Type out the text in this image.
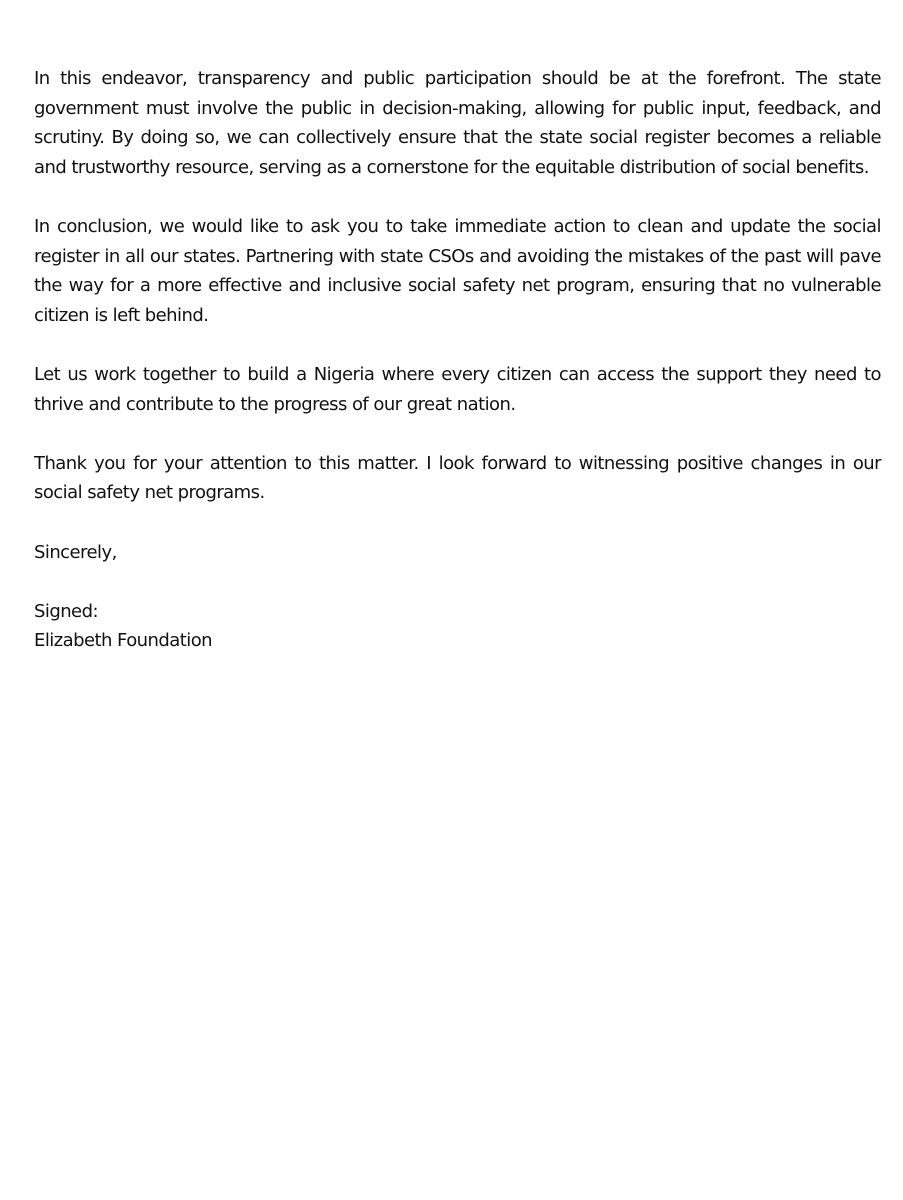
In this endeavor, transparency and public participation should be at the forefront. The state government must involve the public in decision-making, allowing for public input, feedback, and scrutiny. By doing so, we can collectively ensure that the state social register becomes a reliable and trustworthy resource, serving as a cornerstone for the equitable distribution of social benefits.

In conclusion, we would like to ask you to take immediate action to clean and update the social register in all our states. Partnering with state CSOs and avoiding the mistakes of the past will pave the way for a more effective and inclusive social safety net program, ensuring that no vulnerable citizen is left behind.

Let us work together to build a Nigeria where every citizen can access the support they need to thrive and contribute to the progress of our great nation.

Thank you for your attention to this matter. I look forward to witnessing positive changes in our social safety net programs.

Sincerely,

Signed:

Elizabeth Foundation
